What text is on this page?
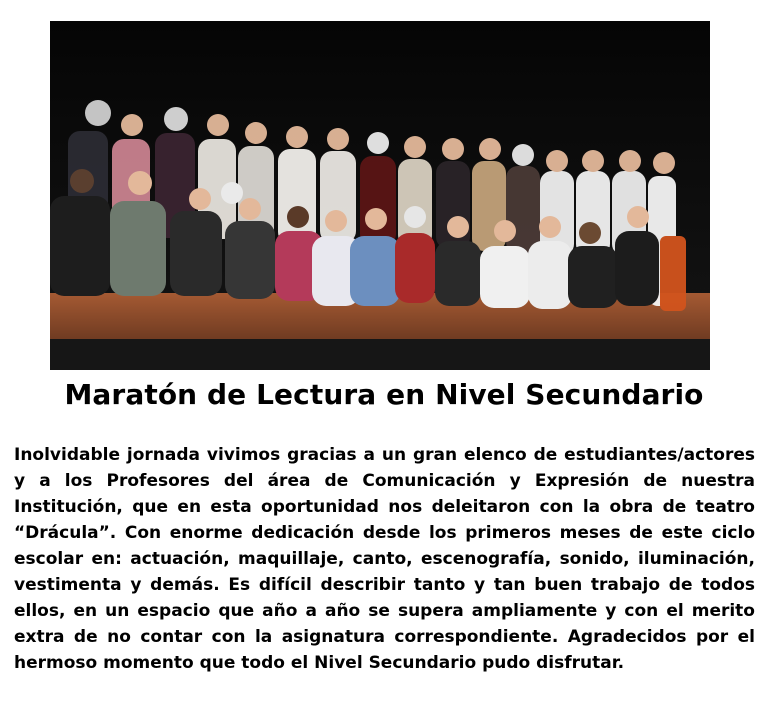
Maratón de Lectura en Nivel Secundario

Inolvidable jornada vivimos gracias a un gran elenco de estudiantes/actores y a los Profesores del área de Comunicación y Expresión de nuestra Institución, que en esta oportunidad nos deleitaron con la obra de teatro “Drácula”. Con enorme dedicación desde los primeros meses de este ciclo escolar en: actuación, maquillaje, canto, escenografía, sonido, iluminación, vestimenta y demás. Es difícil describir tanto y tan buen trabajo de todos ellos, en un espacio que año a año se supera ampliamente y con el merito extra de no contar con la asignatura correspondiente. Agradecidos por el hermoso momento que todo el Nivel Secundario pudo disfrutar.
